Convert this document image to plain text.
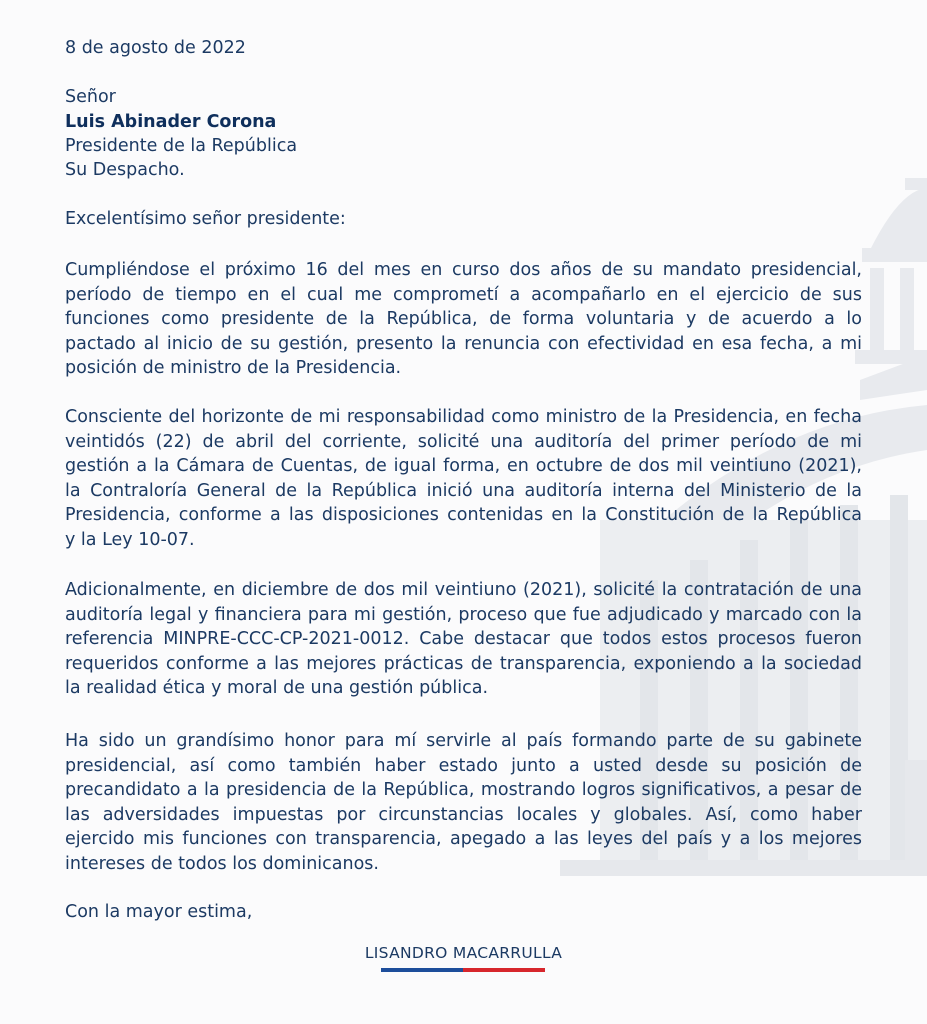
8 de agosto de 2022
Señor
Luis Abinader Corona
Presidente de la República
Su Despacho.
Excelentísimo señor presidente:
Cumpliéndose el próximo 16 del mes en curso dos años de su mandato presidencial,
período de tiempo en el cual me comprometí a acompañarlo en el ejercicio de sus
funciones como presidente de la República, de forma voluntaria y de acuerdo a lo
pactado al inicio de su gestión, presento la renuncia con efectividad en esa fecha, a mi
posición de ministro de la Presidencia.
Consciente del horizonte de mi responsabilidad como ministro de la Presidencia, en fecha
veintidós (22) de abril del corriente, solicité una auditoría del primer período de mi
gestión a la Cámara de Cuentas, de igual forma, en octubre de dos mil veintiuno (2021),
la Contraloría General de la República inició una auditoría interna del Ministerio de la
Presidencia, conforme a las disposiciones contenidas en la Constitución de la República
y la Ley 10-07.
Adicionalmente, en diciembre de dos mil veintiuno (2021), solicité la contratación de una
auditoría legal y financiera para mi gestión, proceso que fue adjudicado y marcado con la
referencia MINPRE-CCC-CP-2021-0012. Cabe destacar que todos estos procesos fueron
requeridos conforme a las mejores prácticas de transparencia, exponiendo a la sociedad
la realidad ética y moral de una gestión pública.
Ha sido un grandísimo honor para mí servirle al país formando parte de su gabinete
presidencial, así como también haber estado junto a usted desde su posición de
precandidato a la presidencia de la República, mostrando logros significativos, a pesar de
las adversidades impuestas por circunstancias locales y globales. Así, como haber
ejercido mis funciones con transparencia, apegado a las leyes del país y a los mejores
intereses de todos los dominicanos.
Con la mayor estima,
LISANDRO MACARRULLA
